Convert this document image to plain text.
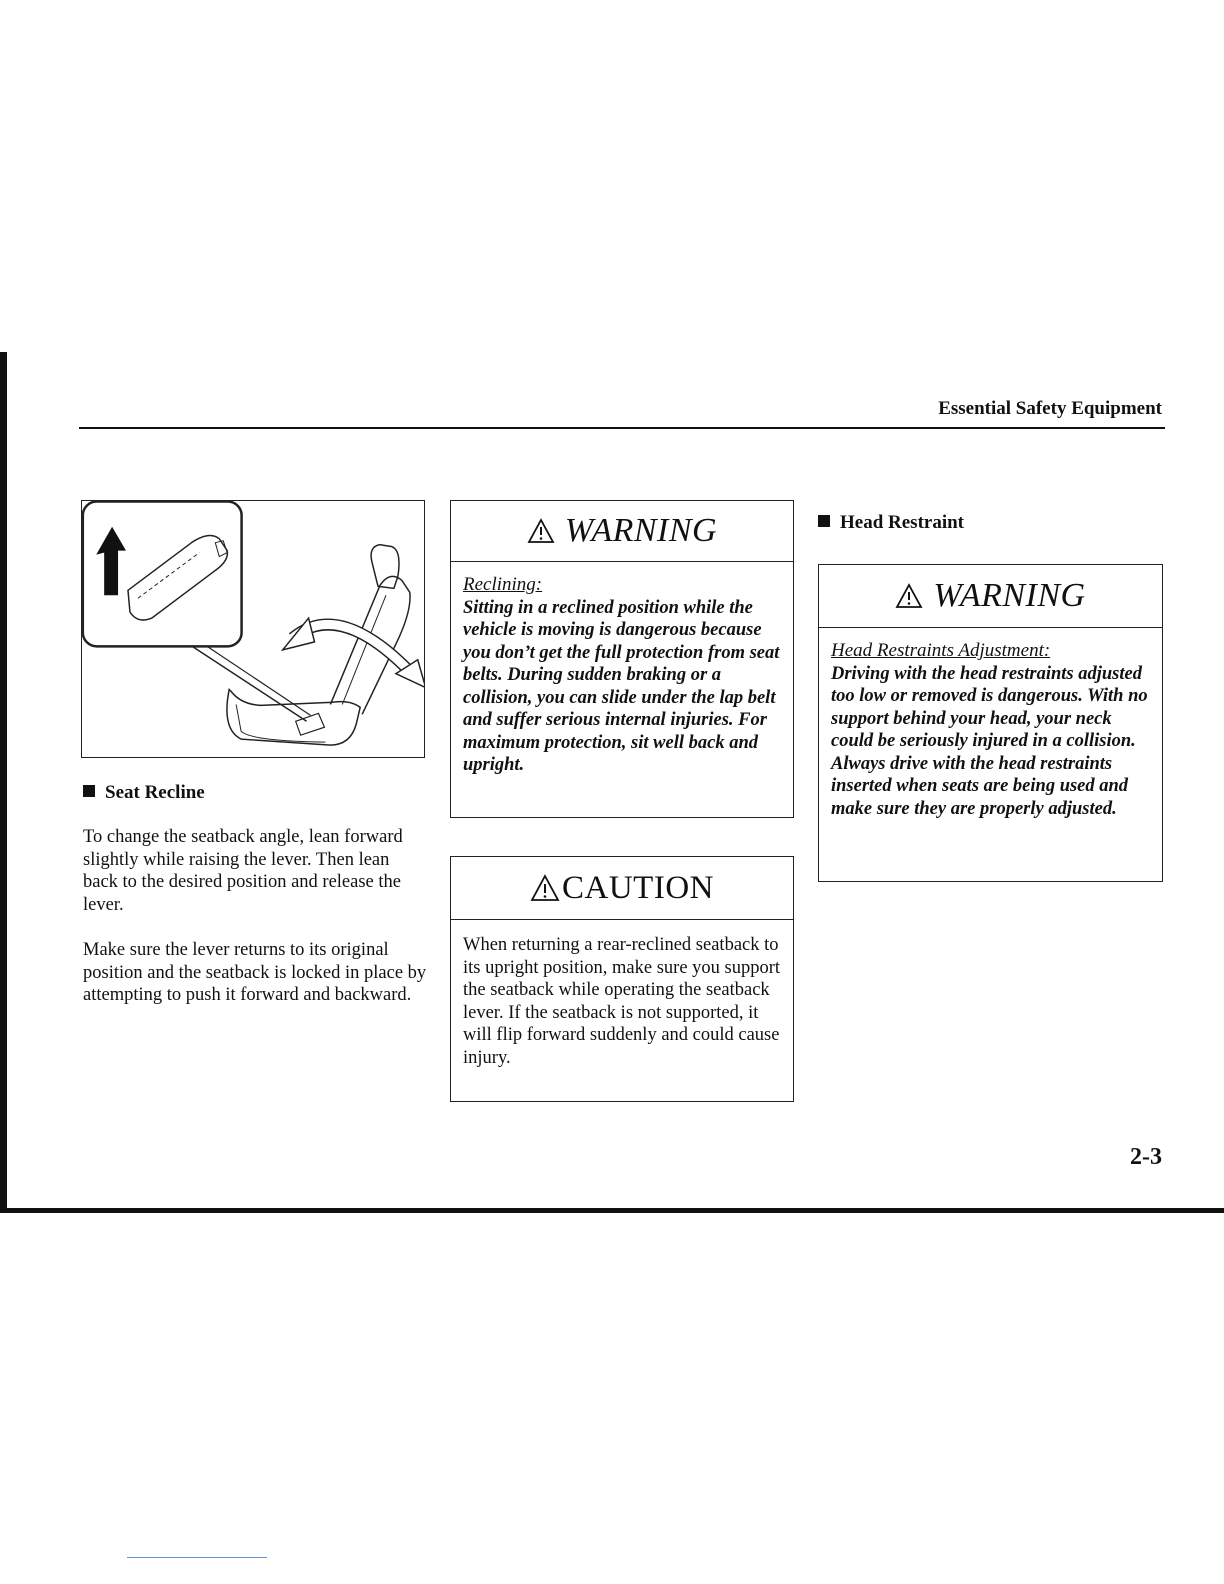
Essential Safety Equipment
Seat Recline
To change the seatback angle, lean forward slightly while raising the lever. Then lean back to the desired position and release the lever.
Make sure the lever returns to its original position and the seatback is locked in place by attempting to push it forward and backward.
WARNING
Reclining:
Sitting in a reclined position while the vehicle is moving is dangerous because you don’t get the full protection from seat belts. During sudden braking or a collision, you can slide under the lap belt and suffer serious internal injuries. For maximum protection, sit well back and upright.
CAUTION
When returning a rear-reclined seatback to its upright position, make sure you support the seatback while operating the seatback lever. If the seatback is not supported, it will flip forward suddenly and could cause injury.
Head Restraint
WARNING
Head Restraints Adjustment:
Driving with the head restraints adjusted too low or removed is dangerous. With no support behind your head, your neck could be seriously injured in a collision. Always drive with the head restraints inserted when seats are being used and make sure they are properly adjusted.
2-3
